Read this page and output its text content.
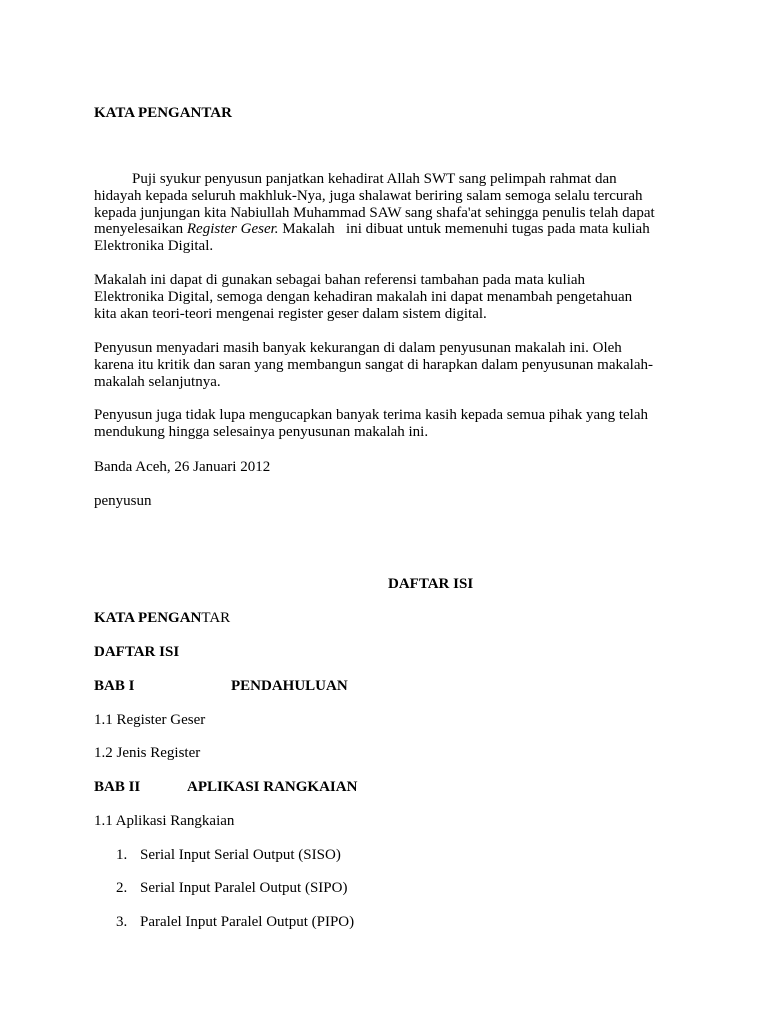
KATA PENGANTAR
Puji syukur penyusun panjatkan kehadirat Allah SWT sang pelimpah rahmat dan
hidayah kepada seluruh makhluk-Nya, juga shalawat beriring salam semoga selalu tercurah
kepada junjungan kita Nabiullah Muhammad SAW sang shafa'at sehingga penulis telah dapat
menyelesaikan Register Geser. Makalah   ini dibuat untuk memenuhi tugas pada mata kuliah
Elektronika Digital.
Makalah ini dapat di gunakan sebagai bahan referensi tambahan pada mata kuliah
Elektronika Digital, semoga dengan kehadiran makalah ini dapat menambah pengetahuan
kita akan teori-teori mengenai register geser dalam sistem digital.
Penyusun menyadari masih banyak kekurangan di dalam penyusunan makalah ini. Oleh
karena itu kritik dan saran yang membangun sangat di harapkan dalam penyusunan makalah-
makalah selanjutnya.
Penyusun juga tidak lupa mengucapkan banyak terima kasih kepada semua pihak yang telah
mendukung hingga selesainya penyusunan makalah ini.
Banda Aceh, 26 Januari 2012
penyusun
DAFTAR ISI
KATA PENGANTAR
DAFTAR ISI
BAB I	PENDAHULUAN
1.1 Register Geser
1.2 Jenis Register
BAB II	APLIKASI RANGKAIAN
1.1 Aplikasi Rangkaian
1. Serial Input Serial Output (SISO)
2. Serial Input Paralel Output (SIPO)
3. Paralel Input Paralel Output (PIPO)
